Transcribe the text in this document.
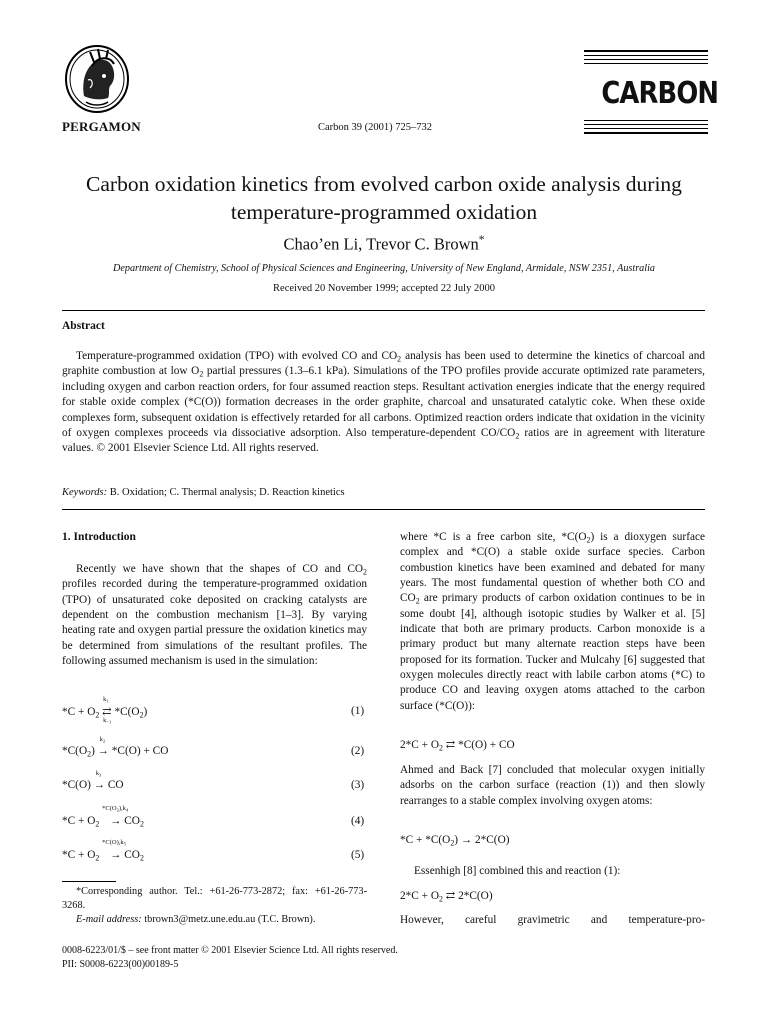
PERGAMON	Carbon 39 (2001) 725–732
CARBON
Carbon oxidation kinetics from evolved carbon oxide analysis during temperature-programmed oxidation
Chao’en Li, Trevor C. Brown*
Department of Chemistry, School of Physical Sciences and Engineering, University of New England, Armidale, NSW 2351, Australia
Received 20 November 1999; accepted 22 July 2000
Abstract
Temperature-programmed oxidation (TPO) with evolved CO and $CO_2$ analysis has been used to determine the kinetics of charcoal and graphite combustion at low $O_2$ partial pressures (1.3–6.1 kPa). Simulations of the TPO profiles provide accurate optimized rate parameters, including oxygen and carbon reaction orders, for four assumed reaction steps. Resultant activation energies indicate that the energy required for stable oxide complex (*C(O)) formation decreases in the order graphite, charcoal and unsaturated catalytic coke. When these oxide complexes form, subsequent oxidation is effectively retarded for all carbons. Optimized reaction orders indicate that oxidation in the vicinity of oxygen complexes proceeds via dissociative adsorption. Also temperature-dependent $CO/CO_2$ ratios are in agreement with literature values. © 2001 Elsevier Science Ltd. All rights reserved.
Keywords: B. Oxidation; C. Thermal analysis; D. Reaction kinetics
1. Introduction

Recently we have shown that the shapes of CO and $CO_2$ profiles recorded during the temperature-programmed oxidation (TPO) of unsaturated coke deposited on cracking catalysts are dependent on the combustion mechanism [1–3]. By varying heating rate and oxygen partial pressure the oxidation kinetics may be determined from simulations of the resultant profiles. The following assumed mechanism is used in the simulation:

$*C + O_2$ ⇄
$k_1$
$k_{-1}$
$*C(O_2)$	(1)
$*C(O_2)$ →
$k_2$
*C(O) + CO	(2)
*C(O) →
$k_3$
CO	(3)
$*C + O_2$ →
$*C(O_2),k_4$
$CO_2$	(4)
$*C + O_2$ →
$*C(O),k_5$
$CO_2$	(5)

*Corresponding author. Tel.: +61-26-773-2872; fax: +61-26-773-3268.

E-mail address: tbrown3@metz.une.edu.au (T.C. Brown).

where *C is a free carbon site, $*C(O_2)$ is a dioxygen surface complex and *C(O) a stable oxide surface species. Carbon combustion kinetics have been examined and debated for many years. The most fundamental question of whether both CO and $CO_2$ are primary products of carbon oxidation continues to be in some doubt [4], although isotopic studies by Walker et al. [5] indicate that both are primary products. Carbon monoxide is a primary product but many alternate reaction steps have been proposed for its formation. Tucker and Mulcahy [6] suggested that oxygen molecules directly react with labile carbon atoms (*C) to produce CO and leaving oxygen atoms attached to the carbon surface (*C(O)):

$2*C + O_2$ ⇄ *C(O) + CO

Ahmed and Back [7] concluded that molecular oxygen initially adsorbs on the carbon surface (reaction (1)) and then slowly rearranges to a stable complex involving oxygen atoms:

$*C + *C(O_2) \to 2*C(O)$

Essenhigh [8] combined this and reaction (1):

$2*C + O_2$ ⇄ 2*C(O)

However, careful gravimetric and temperature-pro-

0008-6223/01/$ – see front matter © 2001 Elsevier Science Ltd. All rights reserved.
PII: S0008-6223(00)00189-5
